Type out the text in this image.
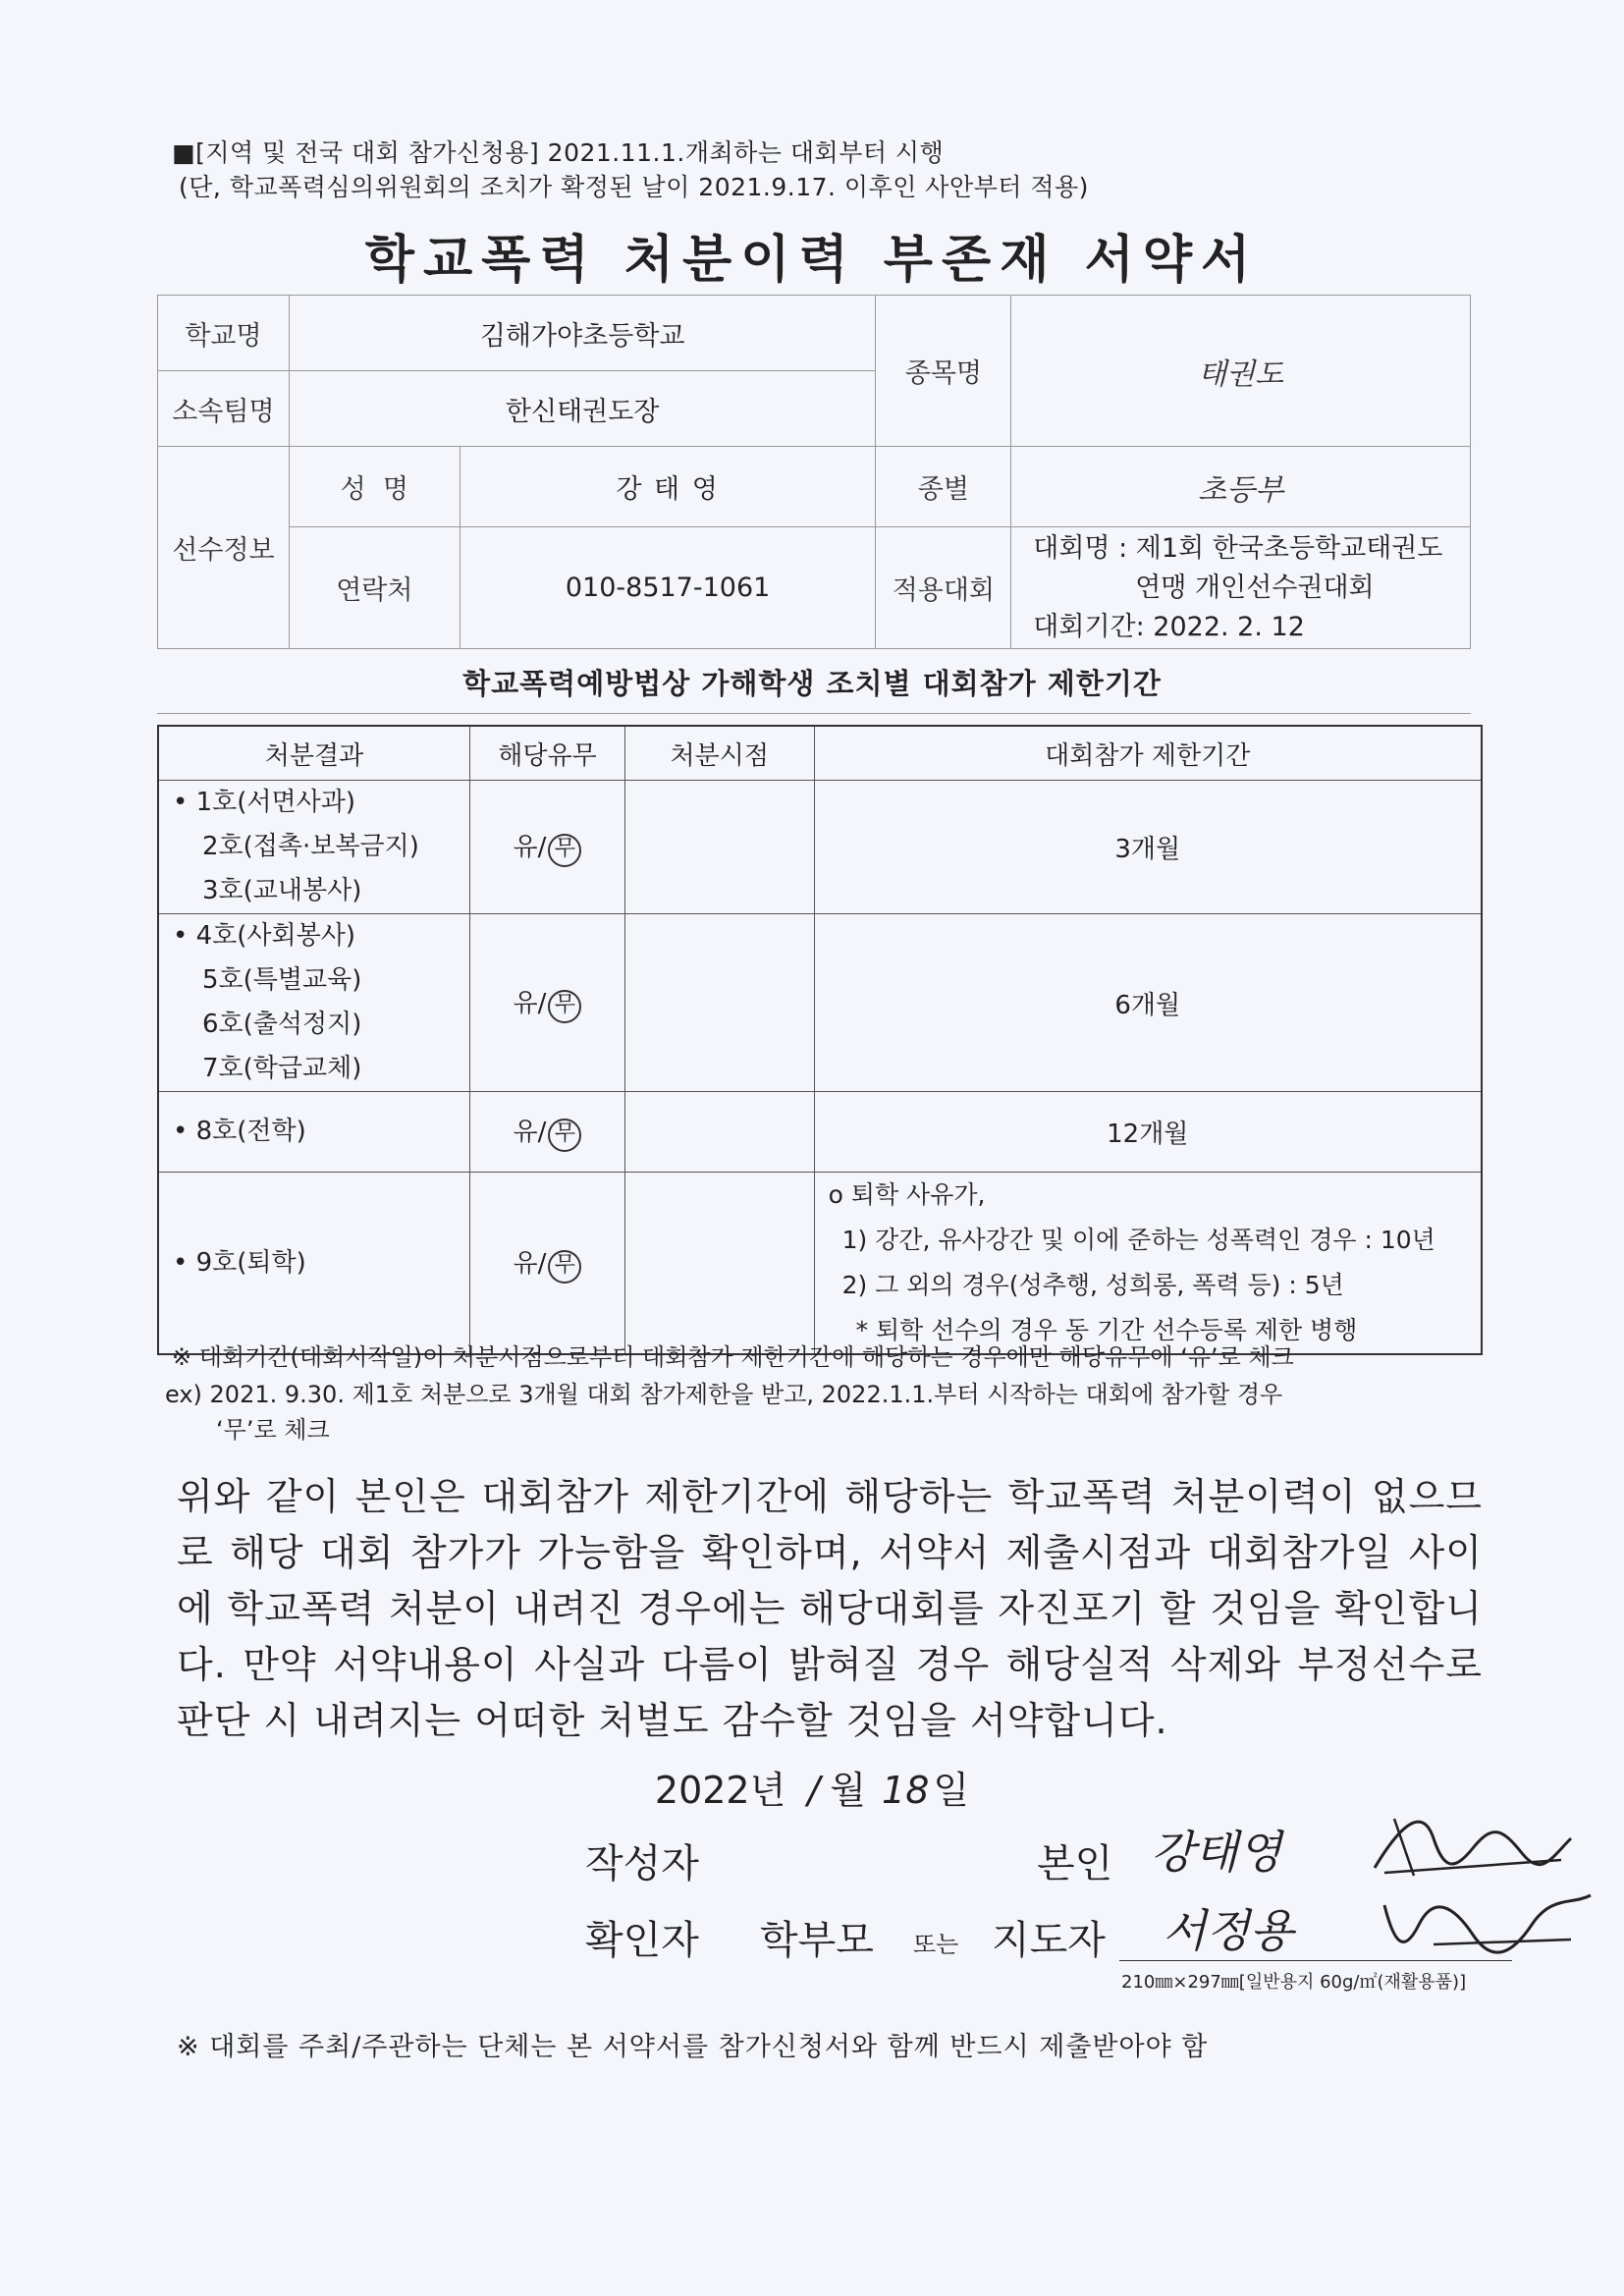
■[지역 및 전국 대회 참가신청용] 2021.11.1.개최하는 대회부터 시행
(단, 학교폭력심의위원회의 조치가 확정된 날이 2021.9.17. 이후인 사안부터 적용)
학교폭력 처분이력 부존재 서약서
학교명	김해가야초등학교		종목명	태권도
소속팀명	한신태권도장			
선수정보	성  명	강 태 영	종별	초등부
	연락처	010-8517-1061	적용대회	대회명 : 제1회 한국초등학교태권도
연맹 개인선수권대회
대회기간: 2022. 2. 12
학교폭력예방법상 가해학생 조치별 대회참가 제한기간
처분결과	해당유무	처분시점	대회참가 제한기간

• 1호(서면사과)
2호(접촉·보복금지)
3호(교내봉사)	유/ 무		3개월

• 4호(사회봉사)
5호(특별교육)
6호(출석정지)
7호(학급교체)	유/ 무		6개월

• 8호(전학)	유/ 무		12개월

• 9호(퇴학)	유/ 무		o 퇴학 사유가,
1) 강간, 유사강간 및 이에 준하는 성폭력인 경우 : 10년
2) 그 외의 경우(성추행, 성희롱, 폭력 등) : 5년
* 퇴학 선수의 경우 동 기간 선수등록 제한 병행
※ 대회기간(대회시작일)이 처분시점으로부터 대회참가 제한기간에 해당하는 경우에만 해당유무에 ‘유’로 체크
ex) 2021. 9.30. 제1호 처분으로 3개월 대회 참가제한을 받고, 2022.1.1.부터 시작하는 대회에 참가할 경우
‘무’로 체크
위와 같이 본인은 대회참가 제한기간에 해당하는 학교폭력 처분이력이 없으므로 해당 대회 참가가 가능함을 확인하며, 서약서 제출시점과 대회참가일 사이에 학교폭력 처분이 내려진 경우에는 해당대회를 자진포기 할 것임을 확인합니다. 만약 서약내용이 사실과 다름이 밝혀질 경우 해당실적 삭제와 부정선수로 판단 시 내려지는 어떠한 처벌도 감수할 것임을 서약합니다.
2022년 / 월 18 일
작성자	본인 강태영
확인자 학부모 또는 지도자 서정용
210㎜×297㎜[일반용지 60g/㎡(재활용품)]
※ 대회를 주최/주관하는 단체는 본 서약서를 참가신청서와 함께 반드시 제출받아야 함
